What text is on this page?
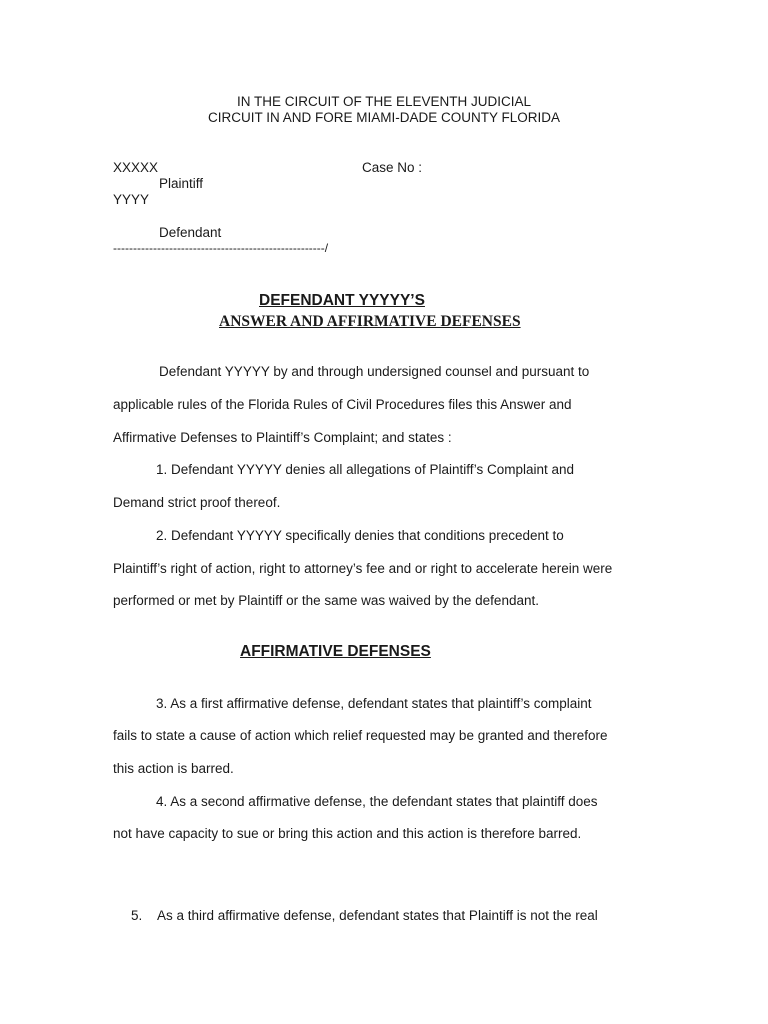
IN THE CIRCUIT OF THE ELEVENTH JUDICIAL
CIRCUIT IN AND FORE MIAMI-DADE COUNTY FLORIDA
XXXXX	Case No :
Plaintiff
YYYY
Defendant
-----------------------------------------------------/
DEFENDANT YYYYY’S
ANSWER AND AFFIRMATIVE DEFENSES
Defendant YYYYY by and through undersigned counsel and pursuant to
applicable rules of the Florida Rules of Civil Procedures files this Answer and
Affirmative Defenses to Plaintiff’s Complaint; and states :
1. Defendant YYYYY denies all allegations of Plaintiff’s Complaint and
Demand strict proof thereof.
2. Defendant YYYYY specifically denies that conditions precedent to
Plaintiff’s right of action, right to attorney’s fee and or right to accelerate herein were
performed or met by Plaintiff or the same was waived by the defendant.
AFFIRMATIVE DEFENSES
3. As a first affirmative defense, defendant states that plaintiff’s complaint
fails to state a cause of action which relief requested may be granted and therefore
this action is barred.
4. As a second affirmative defense, the defendant states that plaintiff does
not have capacity to sue or bring this action and this action is therefore barred.
5. As a third affirmative defense, defendant states that Plaintiff is not the real
